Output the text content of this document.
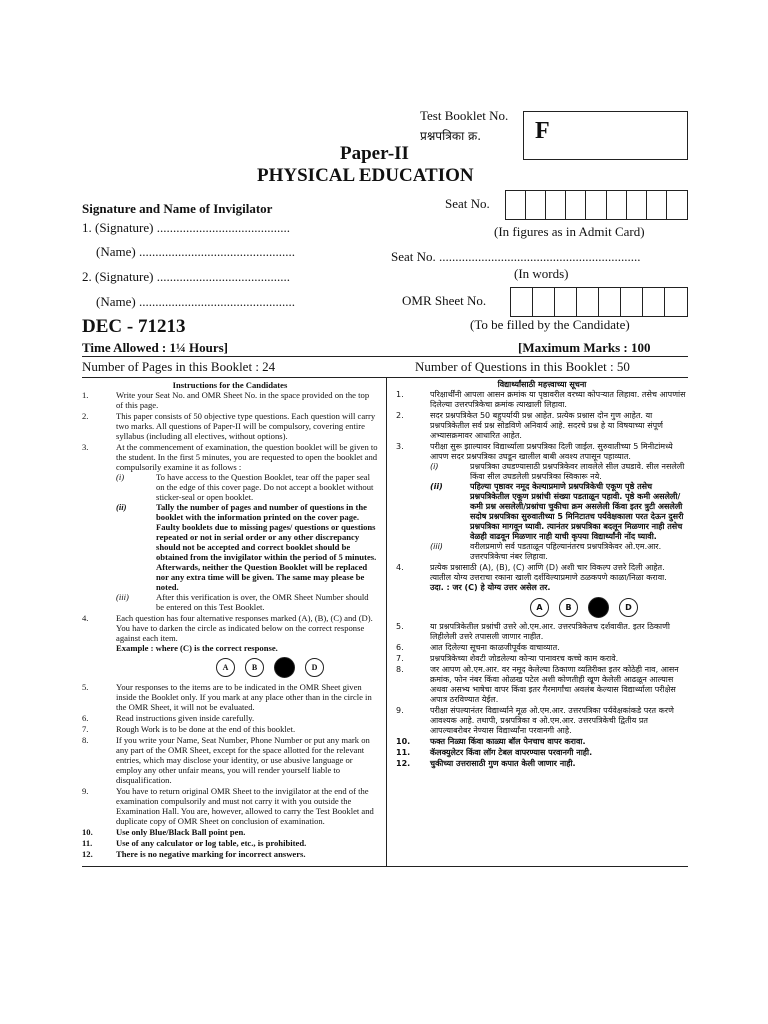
Test Booklet No.
प्रश्नपत्रिका क्र. F
Paper-II
PHYSICAL EDUCATION
Signature and Name of Invigilator
1. (Signature) .........................................
(Name) ................................................
2. (Signature) .........................................
(Name) ................................................
Seat No.
(In figures as in Admit Card)
Seat No. ..............................................................
(In words)
OMR Sheet No.
(To be filled by the Candidate)
DEC - 71213
Time Allowed : 1¼ Hours]	[Maximum Marks : 100
Number of Pages in this Booklet : 24	Number of Questions in this Booklet : 50
Instructions for the Candidates
1.	Write your Seat No. and OMR Sheet No. in the space provided on the top of this page.
2.	This paper consists of 50 objective type questions. Each question will carry two marks. All questions of Paper-II will be compulsory, covering entire syllabus (including all electives, without options).
3.	At the commencement of examination, the question booklet will be given to the student. In the first 5 minutes, you are requested to open the booklet and compulsorily examine it as follows :
(i)	To have access to the Question Booklet, tear off the paper seal on the edge of this cover page. Do not accept a booklet without sticker-seal or open booklet.
(ii)	Tally the number of pages and number of questions in the booklet with the information printed on the cover page. Faulty booklets due to missing pages/ questions or questions repeated or not in serial order or any other discrepancy should not be accepted and correct booklet should be obtained from the invigilator within the period of 5 minutes. Afterwards, neither the Question Booklet will be replaced nor any extra time will be given. The same may please be noted.
(iii)	After this verification is over, the OMR Sheet Number should be entered on this Test Booklet.
4.	Each question has four alternative responses marked (A), (B), (C) and (D). You have to darken the circle as indicated below on the correct response against each item.
Example : where (C) is the correct response.
A	B	D
5.	Your responses to the items are to be indicated in the OMR Sheet given inside the Booklet only. If you mark at any place other than in the circle in the OMR Sheet, it will not be evaluated.
6.	Read instructions given inside carefully.
7.	Rough Work is to be done at the end of this booklet.
8.	If you write your Name, Seat Number, Phone Number or put any mark on any part of the OMR Sheet, except for the space allotted for the relevant entries, which may disclose your identity, or use abusive language or employ any other unfair means, you will render yourself liable to disqualification.
9.	You have to return original OMR Sheet to the invigilator at the end of the examination compulsorily and must not carry it with you outside the Examination Hall. You are, however, allowed to carry the Test Booklet and duplicate copy of OMR Sheet on conclusion of examination.
10.	Use only Blue/Black Ball point pen.
11.	Use of any calculator or log table, etc., is prohibited.
12.	There is no negative marking for incorrect answers.
विद्यार्थ्यांसाठी महत्त्वाच्या सूचना
1.	परिक्षार्थींनी आपला आसन क्रमांक या पृष्ठावरील वरच्या कोपऱ्यात लिहावा. तसेच आपणांस दिलेल्या उत्तरपत्रिकेचा क्रमांक त्याखाली लिहावा.
2.	सदर प्रश्नपत्रिकेत 50 बहुपर्यायी प्रश्न आहेत. प्रत्येक प्रश्नास दोन गुण आहेत. या प्रश्नपत्रिकेतील सर्व प्रश्न सोडविणे अनिवार्य आहे. सदरचे प्रश्न हे या विषयाच्या संपूर्ण अभ्यासक्रमावर आधारित आहेत.
3.	परीक्षा सुरू झाल्यावर विद्यार्थ्याला प्रश्नपत्रिका दिली जाईल. सुरुवातीच्या 5 मिनीटांमध्ये आपण सदर प्रश्नपत्रिका उघडून खालील बाबी अवश्य तपासून पहाव्यात.
(i)	प्रश्नपत्रिका उघडण्यासाठी प्रश्नपत्रिकेवर लावलेले सील उघडावे. सील नसलेली किंवा सील उघडलेली प्रश्नपत्रिका स्विकारू नये.
(ii)	पहिल्या पृष्ठावर नमूद केल्याप्रमाणे प्रश्नपत्रिकेची एकूण पृष्ठे तसेच प्रश्नपत्रिकेतील एकूण प्रश्नांची संख्या पडताळून पहावी. पृष्ठे कमी असलेली/कमी प्रश्न असलेली/प्रश्नांचा चुकीचा क्रम असलेली किंवा इतर त्रुटी असलेली सदोष प्रश्नपत्रिका सुरुवातीच्या 5 मिनिटातच पर्यवेक्षकाला परत देऊन दुसरी प्रश्नपत्रिका मागवून घ्यावी. त्यानंतर प्रश्नपत्रिका बदलून मिळणार नाही तसेच वेळही वाढवून मिळणार नाही याची कृपया विद्यार्थ्यांनी नोंद घ्यावी.
(iii)	वरीलप्रमाणे सर्व पडताळून पहिल्यानंतरच प्रश्नपत्रिकेवर ओ.एम.आर. उत्तरपत्रिकेचा नंबर लिहावा.
4.	प्रत्येक प्रश्नासाठी (A), (B), (C) आणि (D) अशी चार विकल्प उत्तरे दिली आहेत. त्यातील योग्य उत्तराचा रकाना खाली दर्शविल्याप्रमाणे ठळकपणे काळा/निळा करावा.
उदा. : जर (C) हे योग्य उत्तर असेल तर.
A	B	D
5.	या प्रश्नपत्रिकेतील प्रश्नांची उत्तरे ओ.एम.आर. उत्तरपत्रिकेतच दर्शवावीत. इतर ठिकाणी लिहीलेली उत्तरे तपासली जाणार नाहीत.
6.	आत दिलेल्या सूचना काळजीपूर्वक वाचाव्यात.
7.	प्रश्नपत्रिकेच्या शेवटी जोडलेल्या कोऱ्या पानावरच कच्चे काम करावे.
8.	जर आपण ओ.एम.आर. वर नमूद केलेल्या ठिकाणा व्यतिरीक्त इतर कोठेही नाव, आसन क्रमांक, फोन नंबर किंवा ओळख पटेल अशी कोणतीही खूण केलेली आढळून आल्यास अथवा असभ्य भाषेचा वापर किंवा इतर गैरमार्गांचा अवलंब केल्यास विद्यार्थ्याला परीक्षेस अपात्र ठरविण्यात येईल.
9.	परीक्षा संपल्यानंतर विद्यार्थ्याने मूळ ओ.एम.आर. उत्तरपत्रिका पर्यवेक्षकांकडे परत करणे आवश्यक आहे. तथापी, प्रश्नपत्रिका व ओ.एम.आर. उत्तरपत्रिकेची द्वितीय प्रत आपल्याबरोबर नेण्यास विद्यार्थ्यांना परवानगी आहे.
10. फक्त निळ्या किंवा काळ्या बॉल पेनचाच वापर करावा.
11. कॅलक्युलेटर किंवा लॉग टेबल वापरण्यास परवानगी नाही.
12. चुकीच्या उत्तरासाठी गुण कपात केली जाणार नाही.
